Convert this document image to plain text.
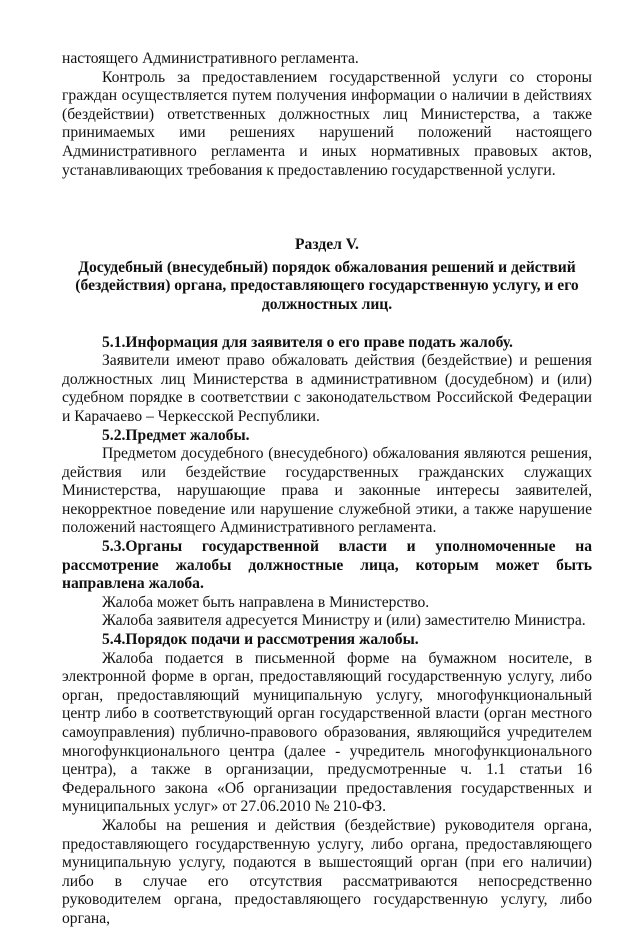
настоящего Административного регламента.

Контроль за предоставлением государственной услуги со стороны граждан осуществляется путем получения информации о наличии в действиях (бездействии) ответственных должностных лиц Министерства, а также принимаемых ими решениях нарушений положений настоящего Административного регламента и иных нормативных правовых актов, устанавливающих требования к предоставлению государственной услуги.

Раздел V.

Досудебный (внесудебный) порядок обжалования решений и действий (бездействия) органа, предоставляющего государственную услугу, и его должностных лиц.

5.1.Информация для заявителя о его праве подать жалобу.

Заявители имеют право обжаловать действия (бездействие) и решения должностных лиц Министерства в административном (досудебном) и (или) судебном порядке в соответствии с законодательством Российской Федерации и Карачаево – Черкесской Республики.

5.2.Предмет жалобы.

Предметом досудебного (внесудебного) обжалования являются решения, действия или бездействие государственных гражданских служащих Министерства, нарушающие права и законные интересы заявителей, некорректное поведение или нарушение служебной этики, а также нарушение положений настоящего Административного регламента.

5.3.Органы государственной власти и уполномоченные на рассмотрение жалобы должностные лица, которым может быть направлена жалоба.

Жалоба может быть направлена в Министерство.

Жалоба заявителя адресуется Министру и (или) заместителю Министра.

5.4.Порядок подачи и рассмотрения жалобы.

Жалоба подается в письменной форме на бумажном носителе, в электронной форме в орган, предоставляющий государственную услугу, либо орган, предоставляющий муниципальную услугу, многофункциональный центр либо в соответствующий орган государственной власти (орган местного самоуправления) публично-правового образования, являющийся учредителем многофункционального центра (далее - учредитель многофункционального центра), а также в организации, предусмотренные ч. 1.1 статьи 16 Федерального закона «Об организации предоставления государственных и муниципальных услуг» от 27.06.2010 № 210-ФЗ.

Жалобы на решения и действия (бездействие) руководителя органа, предоставляющего государственную услугу, либо органа, предоставляющего муниципальную услугу, подаются в вышестоящий орган (при его наличии) либо в случае его отсутствия рассматриваются непосредственно руководителем органа, предоставляющего государственную услугу, либо органа,
